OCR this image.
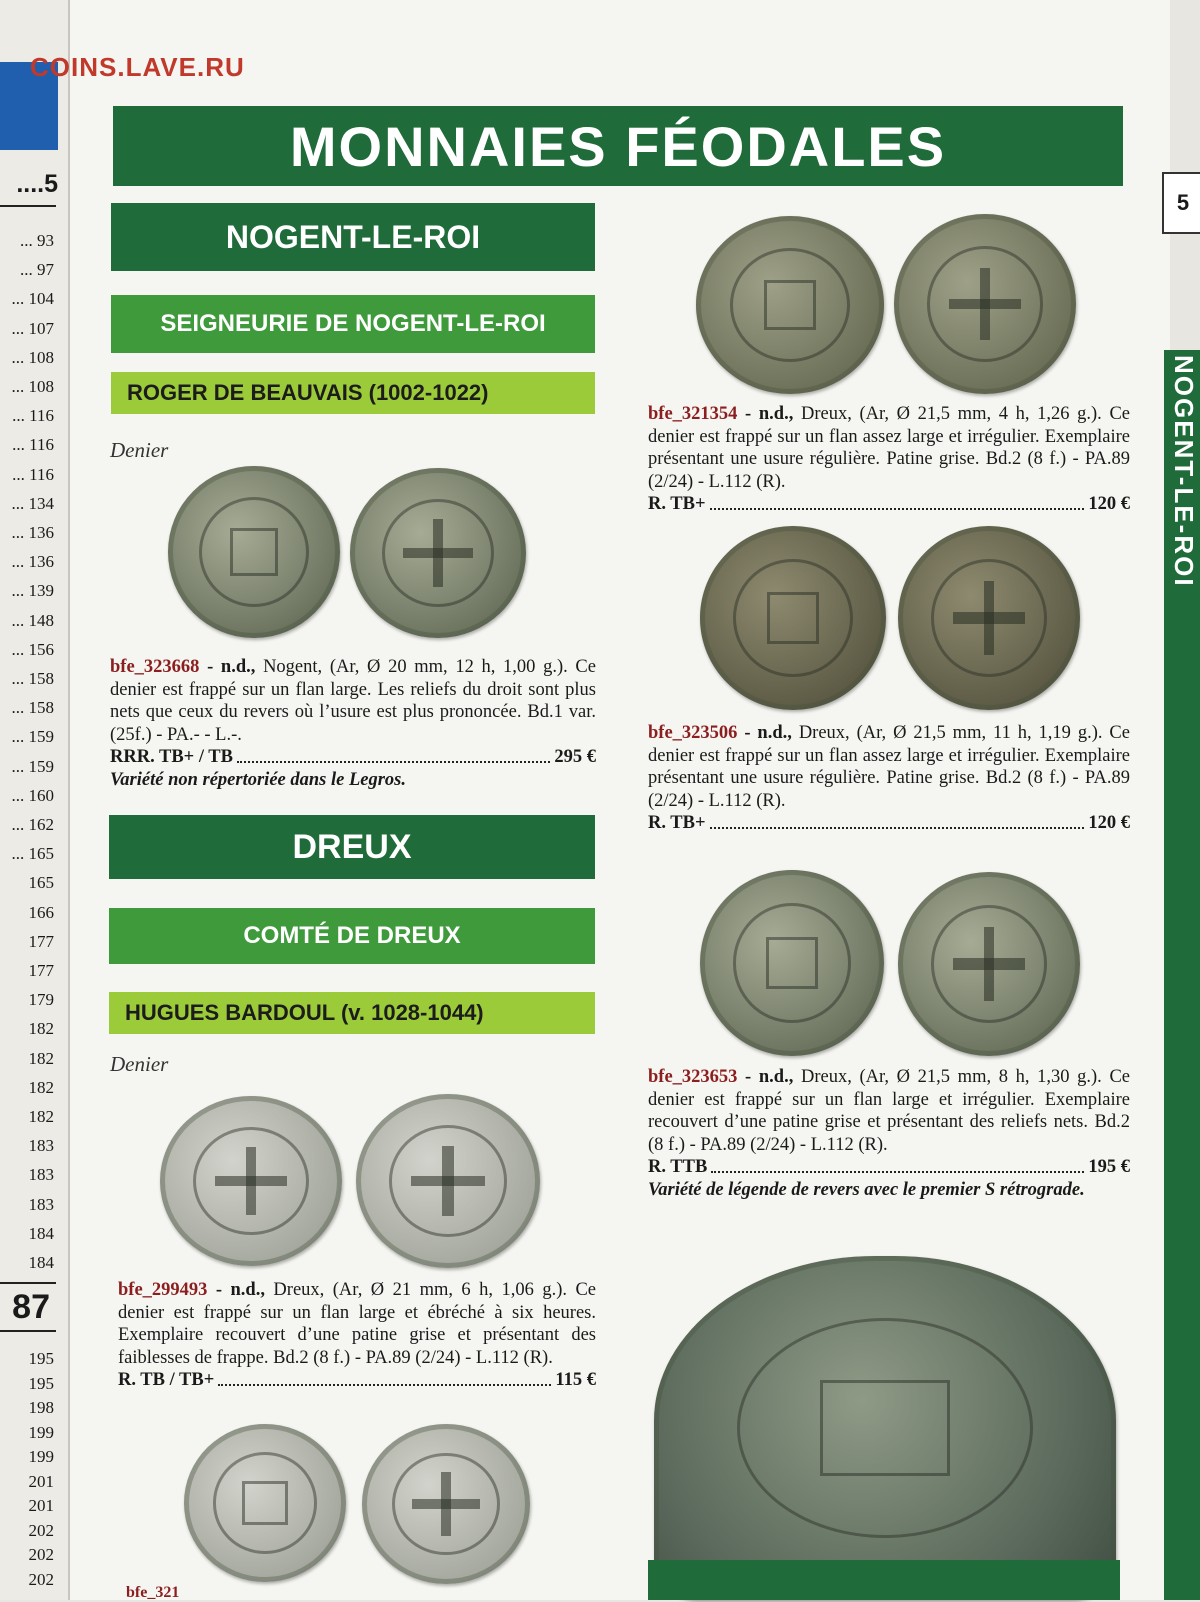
....5
... 93
... 97
... 104
... 107
... 108
... 108
... 116
... 116
... 116
... 134
... 136
... 136
... 139
... 148
... 156
... 158
... 158
... 159
... 159
... 160
... 162
... 165
165
166
177
177
179
182
182
182
182
183
183
183
184
184
87
195
195
198
199
199
201
201
202
202
202
COINS.LAVE.RU
MONNAIES FÉODALES
5
NOGENT-LE-ROI
NOGENT-LE-ROI
SEIGNEURIE DE NOGENT-LE-ROI
ROGER DE BEAUVAIS (1002-1022)
Denier

bfe_323668 - n.d., Nogent, (Ar, Ø 20 mm, 12 h, 1,00 g.). Ce denier est frappé sur un flan large. Les reliefs du droit sont plus nets que ceux du revers où l’usure est plus prononcée. Bd.1 var. (25f.) - PA.- - L.-.

RRR. TB+ / TB	295 €

Variété non répertoriée dans le Legros.

DREUX
COMTÉ DE DREUX
HUGUES BARDOUL (v. 1028-1044)
Denier

bfe_299493 - n.d., Dreux, (Ar, Ø 21 mm, 6 h, 1,06 g.). Ce denier est frappé sur un flan large et ébréché à six heures. Exemplaire recouvert d’une patine grise et présentant des faiblesses de frappe. Bd.2 (8 f.) - PA.89 (2/24) - L.112 (R).

R. TB / TB+	115 €
bfe_321

bfe_321354 - n.d., Dreux, (Ar, Ø 21,5 mm, 4 h, 1,26 g.). Ce denier est frappé sur un flan assez large et irrégulier. Exemplaire présentant une usure régulière. Patine grise. Bd.2 (8 f.) - PA.89 (2/24) - L.112 (R).

R. TB+	120 €

bfe_323506 - n.d., Dreux, (Ar, Ø 21,5 mm, 11 h, 1,19 g.). Ce denier est frappé sur un flan assez large et irrégulier. Exemplaire présentant une usure régulière. Patine grise. Bd.2 (8 f.) - PA.89 (2/24) - L.112 (R).

R. TB+	120 €

bfe_323653 - n.d., Dreux, (Ar, Ø 21,5 mm, 8 h, 1,30 g.). Ce denier est frappé sur un flan large et irrégulier. Exemplaire recouvert d’une patine grise et présentant des reliefs nets. Bd.2 (8 f.) - PA.89 (2/24) - L.112 (R).

R. TTB	195 €

Variété de légende de revers avec le premier S rétrograde.
